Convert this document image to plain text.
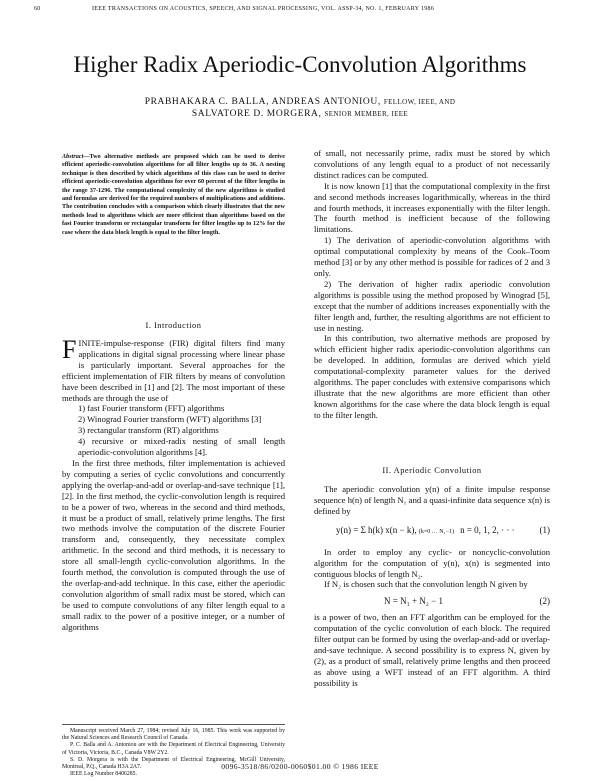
60	IEEE TRANSACTIONS ON ACOUSTICS, SPEECH, AND SIGNAL PROCESSING, VOL. ASSP-34, NO. 1, FEBRUARY 1986
Higher Radix Aperiodic-Convolution Algorithms
PRABHAKARA C. BALLA, ANDREAS ANTONIOU, FELLOW, IEEE, AND
SALVATORE D. MORGERA, SENIOR MEMBER, IEEE
Abstract—Two alternative methods are proposed which can be used to derive efficient aperiodic-convolution algorithms for all filter lengths up to 36. A nesting technique is then described by which algorithms of this class can be used to derive efficient aperiodic-convolution algorithms for over 60 percent of the filter lengths in the range 37-1296. The computational complexity of the new algorithms is studied and formulas are derived for the required numbers of multiplications and additions. The contribution concludes with a comparison which clearly illustrates that the new methods lead to algorithms which are more efficient than algorithms based on the fast Fourier transform or rectangular transform for filter lengths up to 12% for the case where the data block length is equal to the filter length.

of small, not necessarily prime, radix must be stored by which convolutions of any length equal to a product of not necessarily distinct radices can be computed.

It is now known [1] that the computational complexity in the first and second methods increases logarithmically, whereas in the third and fourth methods, it increases exponentially with the filter length. The fourth method is inefficient because of the following limitations.

1) The derivation of aperiodic-convolution algorithms with optimal computational complexity by means of the Cook–Toom method [3] or by any other method is possible for radices of 2 and 3 only.

2) The derivation of higher radix aperiodic convolution algorithms is possible using the method proposed by Winograd [5], except that the number of additions increases exponentially with the filter length and, further, the resulting algorithms are not efficient to use in nesting.

In this contribution, two alternative methods are proposed by which efficient higher radix aperiodic-convolution algorithms can be developed. In addition, formulas are derived which yield computational-complexity parameter values for the derived algorithms. The paper concludes with extensive comparisons which illustrate that the new algorithms are more efficient than other known algorithms for the case where the data block length is equal to the filter length.

I. Introduction

FINITE-impulse-response (FIR) digital filters find many applications in digital signal processing where linear phase is particularly important. Several approaches for the efficient implementation of FIR filters by means of convolution have been described in [1] and [2]. The most important of these methods are through the use of

1) fast Fourier transform (FFT) algorithms
2) Winograd Fourier transform (WFT) algorithms [3]
3) rectangular transform (RT) algorithms
4) recursive or mixed-radix nesting of small length aperiodic-convolution algorithms [4].

In the first three methods, filter implementation is achieved by computing a series of cyclic convolutions and concurrently applying the overlap-and-add or overlap-and-save technique [1], [2]. In the first method, the cyclic-convolution length is required to be a power of two, whereas in the second and third methods, it must be a product of small, relatively prime lengths. The first two methods involve the computation of the discrete Fourier transform and, consequently, they necessitate complex arithmetic. In the second and third methods, it is necessary to store all small-length cyclic-convolution algorithms. In the fourth method, the convolution is computed through the use of the overlap-and-add technique. In this case, either the aperiodic convolution algorithm of small radix must be stored, which can be used to compute convolutions of any filter length equal to a small radix to the power of a positive integer, or a number of algorithms

II. Aperiodic Convolution

The aperiodic convolution y(n) of a finite impulse response sequence h(n) of length N₁ and a quasi-infinite data sequence x(n) is defined by

y(n) = Σ h(k) x(n − k), (k=0 … N₁−1)   n = 0, 1, 2, · · ·	(1)

In order to employ any cyclic- or noncyclic-convolution algorithm for the computation of y(n), x(n) is segmented into contiguous blocks of length N₂.

If N₂ is chosen such that the convolution length N given by

N = N₁ + N₂ − 1	(2)

is a power of two, then an FFT algorithm can be employed for the computation of the cyclic convolution of each block. The required filter output can be formed by using the overlap-and-add or overlap-and-save technique. A second possibility is to express N, given by (2), as a product of small, relatively prime lengths and then proceed as above using a WFT instead of an FFT algorithm. A third possibility is

Manuscript received March 27, 1984; revised July 16, 1985. This work was supported by the Natural Sciences and Research Council of Canada.

P. C. Balla and A. Antoniou are with the Department of Electrical Engineering, University of Victoria, Victoria, B.C., Canada V8W 2Y2.

S. D. Morgera is with the Department of Electrical Engineering, McGill University, Montreal, P.Q., Canada H3A 2A7.

IEEE Log Number 8406285.

0096-3518/86/0200-0060$01.00 © 1986 IEEE
